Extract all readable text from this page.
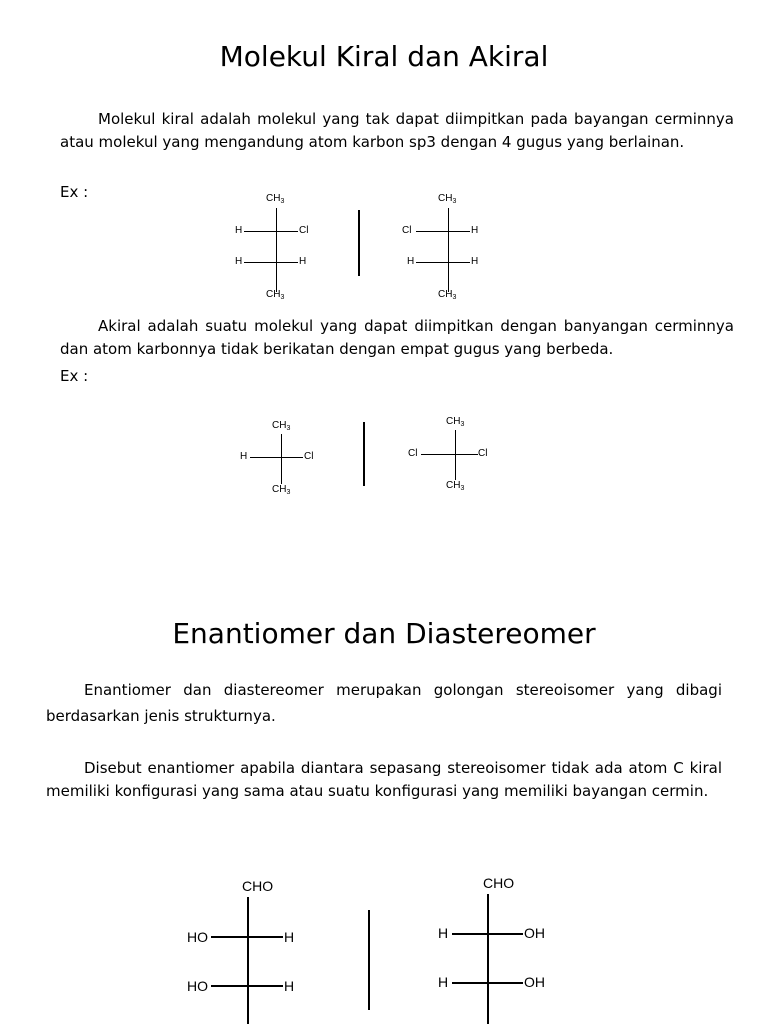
Molekul Kiral dan Akiral

Molekul kiral adalah molekul yang tak dapat diimpitkan pada bayangan cerminnya atau molekul yang mengandung atom karbon sp3 dengan 4 gugus yang berlainan.

Ex :	$CH_3$
H	Cl
H	H
$CH_3$
$CH_3$
Cl	H
H	H
$CH_3$

Akiral adalah suatu molekul yang dapat diimpitkan dengan banyangan cerminnya dan atom karbonnya tidak berikatan dengan empat gugus yang berbeda.

Ex :
$CH_3$
H	Cl
$CH_3$
$CH_3$
Cl	Cl
$CH_3$
Enantiomer dan Diastereomer

Enantiomer dan diastereomer merupakan golongan stereoisomer yang dibagi berdasarkan jenis strukturnya.

Disebut enantiomer apabila diantara sepasang stereoisomer tidak ada atom C kiral memiliki konfigurasi yang sama atau suatu konfigurasi yang memiliki bayangan cermin.

CHO
HO	H
HO	H
CHO
H	OH
H	OH
